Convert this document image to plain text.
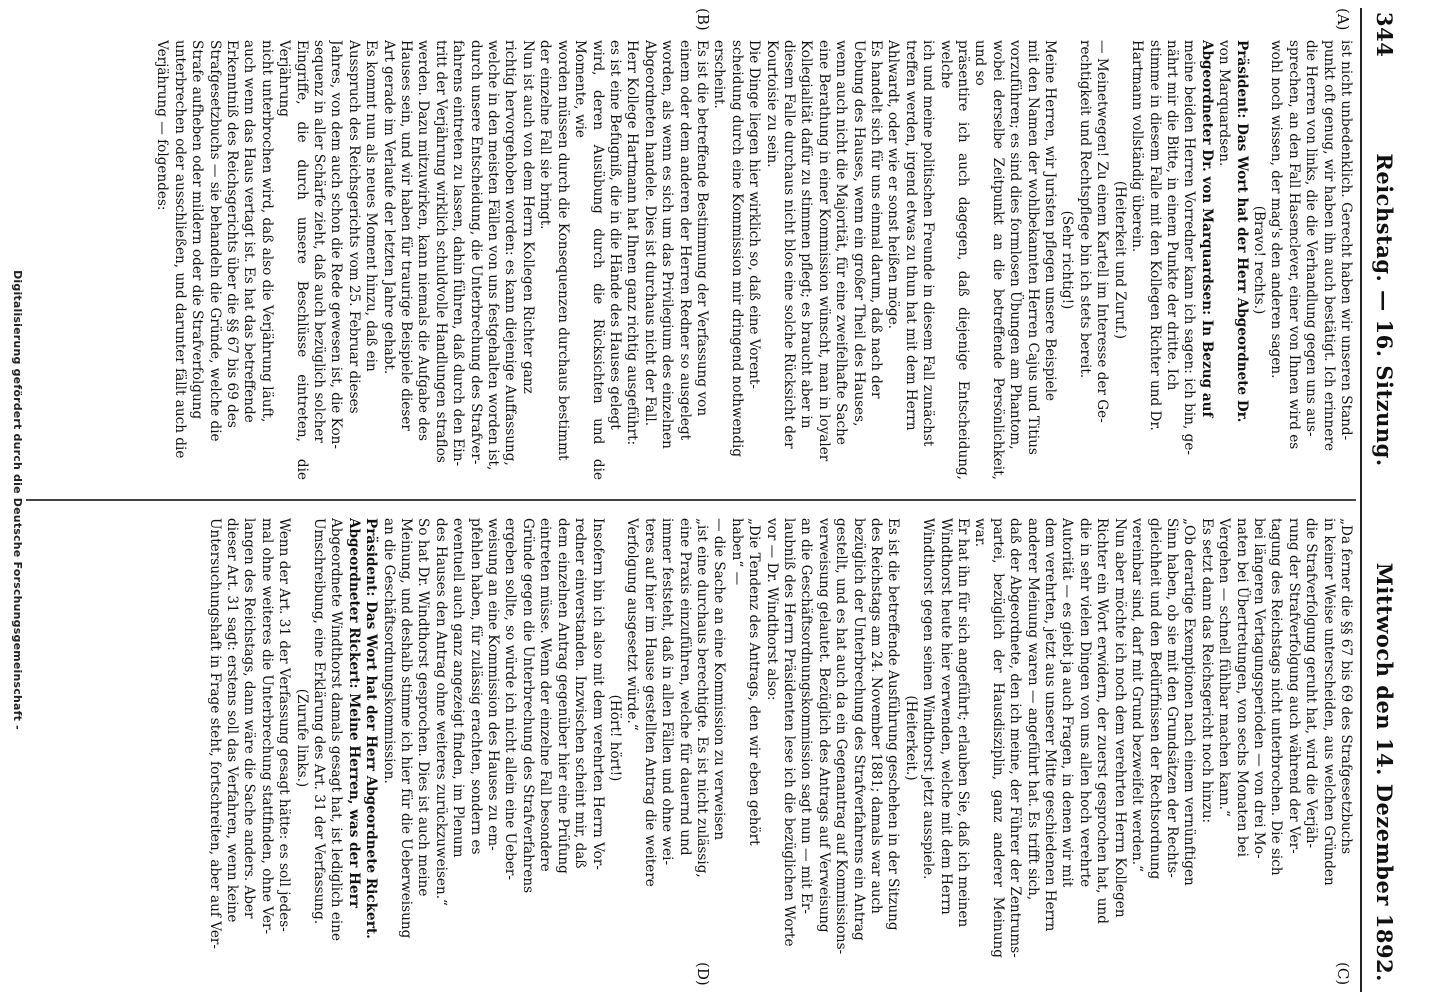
344
Reichstag. — 16. Sitzung.
Mittwoch den 14. Dezember 1892.
(A)
(B)
(C)
(D)

ist nicht unbedenklich. Gerecht haben wir unseren Stand-

punkt oft genug, wir haben ihn auch bestätigt. Ich erinnere

die Herren von links, die die Verhandlung gegen uns aus-

sprechen, an den Fall Hasenclever, einer von Ihnen wird es

wohl noch wissen, der mag's den anderen sagen.

(Bravo! rechts.)

Präsident: Das Wort hat der Herr Abgeordnete Dr.

von Marquardsen.

Abgeordneter Dr. von Marquardsen: In Bezug auf

meine beiden Herren Vorredner kann ich sagen: ich bin, ge-

nährt mir die Bitte, in einem Punkte der dritte. Ich

stimme in diesem Falle mit den Kollegen Richter und Dr.

Hartmann vollständig überein.

(Heiterkeit und Zuruf.)

— Meinetwegen! Zu einem Kartell im Interesse der Ge-

rechtigkeit und Rechtspflege bin ich stets bereit.

(Sehr richtig!)

Meine Herren, wir Juristen pflegen unsere Beispiele

mit den Namen der wohlbekannten Herren Cajus und Titius

vorzuführen; es sind dies formlosen Übungen am Phantom,

wobei derselbe Zeitpunkt an die betreffende Persönlichkeit, und so

präsentire ich auch dagegen, daß diejenige Entscheidung, welche

ich und meine politischen Freunde in diesem Fall zunächst

treffen werden, irgend etwas zu thun hat mit dem Herrn

Ahlwardt, oder wie er sonst heißen möge.

Es handelt sich für uns einmal darum, daß nach der

Uebung des Hauses, wenn ein großer Theil des Hauses,

wenn auch nicht die Majorität, für eine zweifelhafte Sache

eine Berathung in einer Kommission wünscht, man in loyaler

Kollegialität dafür zu stimmen pflegt; es braucht aber in

diesem Falle durchaus nicht blos eine solche Rücksicht der

Kourtoisie zu sein.

Die Dinge liegen hier wirklich so, daß eine Vorent-

scheidung durch eine Kommission mir dringend nothwendig

erscheint.

Es ist die betreffende Bestimmung der Verfassung von

einem oder dem anderen der Herren Redner so ausgelegt

worden, als wenn es sich um das Privilegium des einzelnen

Abgeordneten handele. Dies ist durchaus nicht der Fall.

Herr Kollege Hartmann hat Ihnen ganz richtig ausgeführt:

es ist eine Befugniß, die in die Hände des Hauses gelegt

wird, deren Ausübung durch die Rücksichten und die Momente, wie

worden müssen durch die Konsequenzen durchaus bestimmt

der einzelne Fall sie bringt.

Nun ist auch von dem Herrn Kollegen Richter ganz

richtig hervorgehoben worden: es kann diejenige Auffassung,

welche in den meisten Fällen von uns festgehalten worden ist,

durch unsere Entscheidung, die Unterbrechung des Strafver-

fahrens eintreten zu lassen, dahin führen, daß durch den Ein-

tritt der Verjährung wirklich schuldvolle Handlungen straflos

werden. Dazu mitzuwirken, kann niemals die Aufgabe des

Hauses sein, und wir haben für traurige Beispiele dieser

Art gerade im Verlaufe der letzten Jahre gehabt.

Es kommt nun als neues Moment hinzu, daß ein

Ausspruch des Reichsgerichts vom 25. Februar dieses

Jahres, von dem auch schon die Rede gewesen ist, die Kon-

sequenz in aller Schärfe zieht, daß auch bezüglich solcher

Eingriffe, die durch unsere Beschlüsse eintreten, die Verjährung

nicht unterbrochen wird, daß also die Verjährung läuft,

auch wenn das Haus vertagt ist. Es hat das betreffende

Erkenntniß des Reichsgerichts über die §§ 67 bis 69 des

Strafgesetzbuchs — sie behandeln die Gründe, welche die

Strafe aufheben oder mildern oder die Strafverfolgung

unterbrechen oder ausschließen, und darunter fällt auch die

Verjährung — folgendes:

„Da ferner die §§ 67 bis 69 des Strafgesetzbuchs

in keiner Weise unterscheiden, aus welchen Gründen

die Strafverfolgung geruht hat, wird die Verjäh-

rung der Strafverfolgung auch während der Ver-

tagung des Reichstags nicht unterbrochen. Die sich

bei längeren Vertagungsperioden — von drei Mo-

naten bei Übertretungen, von sechs Monaten bei

Vergehen — schnell fühlbar machen kann.“

Es setzt dann das Reichsgericht noch hinzu:

„Ob derartige Exemptionen nach einem vernünftigen

Sinn haben, ob sie mit den Grundsätzen der Rechts-

gleichheit und den Bedürfnissen der Rechtsordnung

vereinbar sind, darf mit Grund bezweifelt werden.“

Nun aber möchte ich noch dem verehrten Herrn Kollegen

Richter ein Wort erwidern, der zuerst gesprochen hat, und

die in sehr vielen Dingen von uns allen hoch verehrte

Autorität — es giebt ja auch Fragen, in denen wir mit

dem verehrten, jetzt aus unserer Mitte geschiedenen Herrn

anderer Meinung waren — angeführt hat. Es trifft sich,

daß der Abgeordnete, den ich meine, der Führer der Zentrums-

partei, bezüglich der Hausdisziplin, ganz anderer Meinung war.

Er hat ihn für sich angeführt; erlauben Sie, daß ich meinen

Windthorst heute hier verwenden, welche mit dem Herrn

Windthorst gegen seinen Windthorst jetzt ausspiele.

(Heiterkeit.)

Es ist die betreffende Ausführung geschehen in der Sitzung

des Reichstags am 24. November 1881; damals war auch

bezüglich der Unterbrechung des Strafverfahrens ein Antrag

gestellt, und es hat auch da ein Gegenantrag auf Kommissions-

verweisung gelautet. Bezüglich des Antrags auf Verweisung

an die Geschäftsordnungskommission sagt nun — mit Er-

laubniß des Herrn Präsidenten lese ich die bezüglichen Worte

vor — Dr. Windthorst also:

„Die Tendenz des Antrags, den wir eben gehört

haben“ —

— die Sache an eine Kommission zu verweisen

„ist eine durchaus berechtigte. Es ist nicht zulässig,

eine Praxis einzuführen, welche für dauernd und

immer feststeht, daß in allen Fällen und ohne wei-

teres auf hier im Hause gestellten Antrag die weitere

Verfolgung ausgesetzt würde.“

(Hört! hört!)

Insofern bin ich also mit dem verehrten Herrn Vor-

redner einverstanden. Inzwischen scheint mir, daß

dem einzelnen Antrag gegenüber hier eine Prüfung

eintreten müsse. Wenn der einzelne Fall besondere

Gründe gegen die Unterbrechung des Strafverfahrens

ergeben sollte, so würde ich nicht allein eine Ueber-

weisung an eine Kommission des Hauses zu em-

pfehlen haben, für zulässig erachten, sondern es

eventuell auch ganz angezeigt finden, im Plenum

des Hauses den Antrag ohne weiteres zurückzuweisen.“

So hat Dr. Windthorst gesprochen. Dies ist auch meine

Meinung, und deshalb stimme ich hier für die Ueberweisung

an die Geschäftsordnungskommission.

Präsident: Das Wort hat der Herr Abgeordnete Rickert.

Abgeordneter Rickert: Meine Herren, was der Herr

Abgeordnete Windthorst damals gesagt hat, ist lediglich eine

Umschreibung, eine Erklärung des Art. 31 der Verfassung.

(Zurufe links.)

Wenn der Art. 31 der Verfassung gesagt hätte: es soll jedes-

mal ohne weiteres die Unterbrechung stattfinden, ohne Ver-

langen des Reichstags, dann wäre die Sache anders. Aber

dieser Art. 31 sagt: erstens soll das Verfahren, wenn keine

Untersuchungshaft in Frage steht, fortschreiten, aber auf Ver-

Digitalisierung gefördert durch die Deutsche Forschungsgemeinschaft -
